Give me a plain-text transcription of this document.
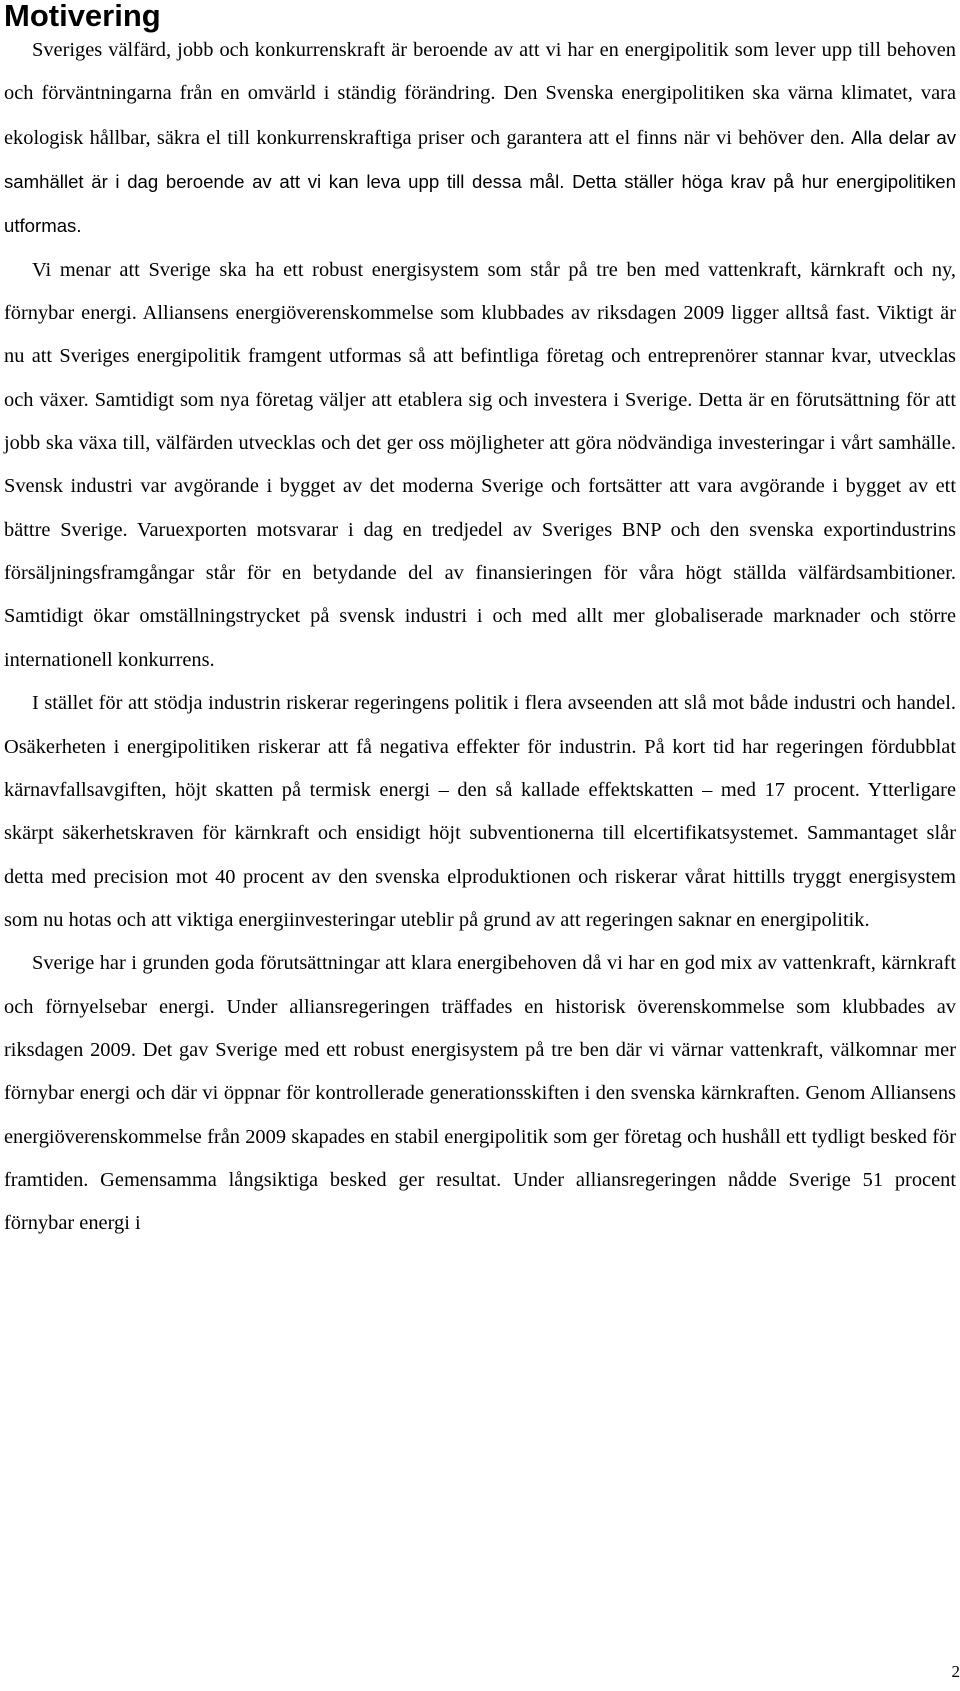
Motivering

Sveriges välfärd, jobb och konkurrenskraft är beroende av att vi har en energipolitik som lever upp till behoven och förväntningarna från en omvärld i ständig förändring. Den Svenska energipolitiken ska värna klimatet, vara ekologisk hållbar, säkra el till konkurrenskraftiga priser och garantera att el finns när vi behöver den. Alla delar av samhället är i dag beroende av att vi kan leva upp till dessa mål. Detta ställer höga krav på hur energipolitiken utformas.

Vi menar att Sverige ska ha ett robust energisystem som står på tre ben med vattenkraft, kärnkraft och ny, förnybar energi. Alliansens energiöverenskommelse som klubbades av riksdagen 2009 ligger alltså fast. Viktigt är nu att Sveriges energipolitik framgent utformas så att befintliga företag och entreprenörer stannar kvar, utvecklas och växer. Samtidigt som nya företag väljer att etablera sig och investera i Sverige. Detta är en förutsättning för att jobb ska växa till, välfärden utvecklas och det ger oss möjligheter att göra nödvändiga investeringar i vårt samhälle. Svensk industri var avgörande i bygget av det moderna Sverige och fortsätter att vara avgörande i bygget av ett bättre Sverige. Varuexporten motsvarar i dag en tredjedel av Sveriges BNP och den svenska exportindustrins försäljningsframgångar står för en betydande del av finansieringen för våra högt ställda välfärdsambitioner. Samtidigt ökar omställningstrycket på svensk industri i och med allt mer globaliserade marknader och större internationell konkurrens.

I stället för att stödja industrin riskerar regeringens politik i flera avseenden att slå mot både industri och handel. Osäkerheten i energipolitiken riskerar att få negativa effekter för industrin. På kort tid har regeringen fördubblat kärnavfallsavgiften, höjt skatten på termisk energi – den så kallade effektskatten – med 17 procent. Ytterligare skärpt säkerhetskraven för kärnkraft och ensidigt höjt subventionerna till elcertifikatsystemet. Sammantaget slår detta med precision mot 40 procent av den svenska elproduktionen och riskerar vårat hittills tryggt energisystem som nu hotas och att viktiga energiinvesteringar uteblir på grund av att regeringen saknar en energipolitik.

Sverige har i grunden goda förutsättningar att klara energibehoven då vi har en god mix av vattenkraft, kärnkraft och förnyelsebar energi. Under alliansregeringen träffades en historisk överenskommelse som klubbades av riksdagen 2009. Det gav Sverige med ett robust energisystem på tre ben där vi värnar vattenkraft, välkomnar mer förnybar energi och där vi öppnar för kontrollerade generationsskiften i den svenska kärnkraften. Genom Alliansens energiöverenskommelse från 2009 skapades en stabil energipolitik som ger företag och hushåll ett tydligt besked för framtiden. Gemensamma långsiktiga besked ger resultat. Under alliansregeringen nådde Sverige 51 procent förnybar energi i

2
